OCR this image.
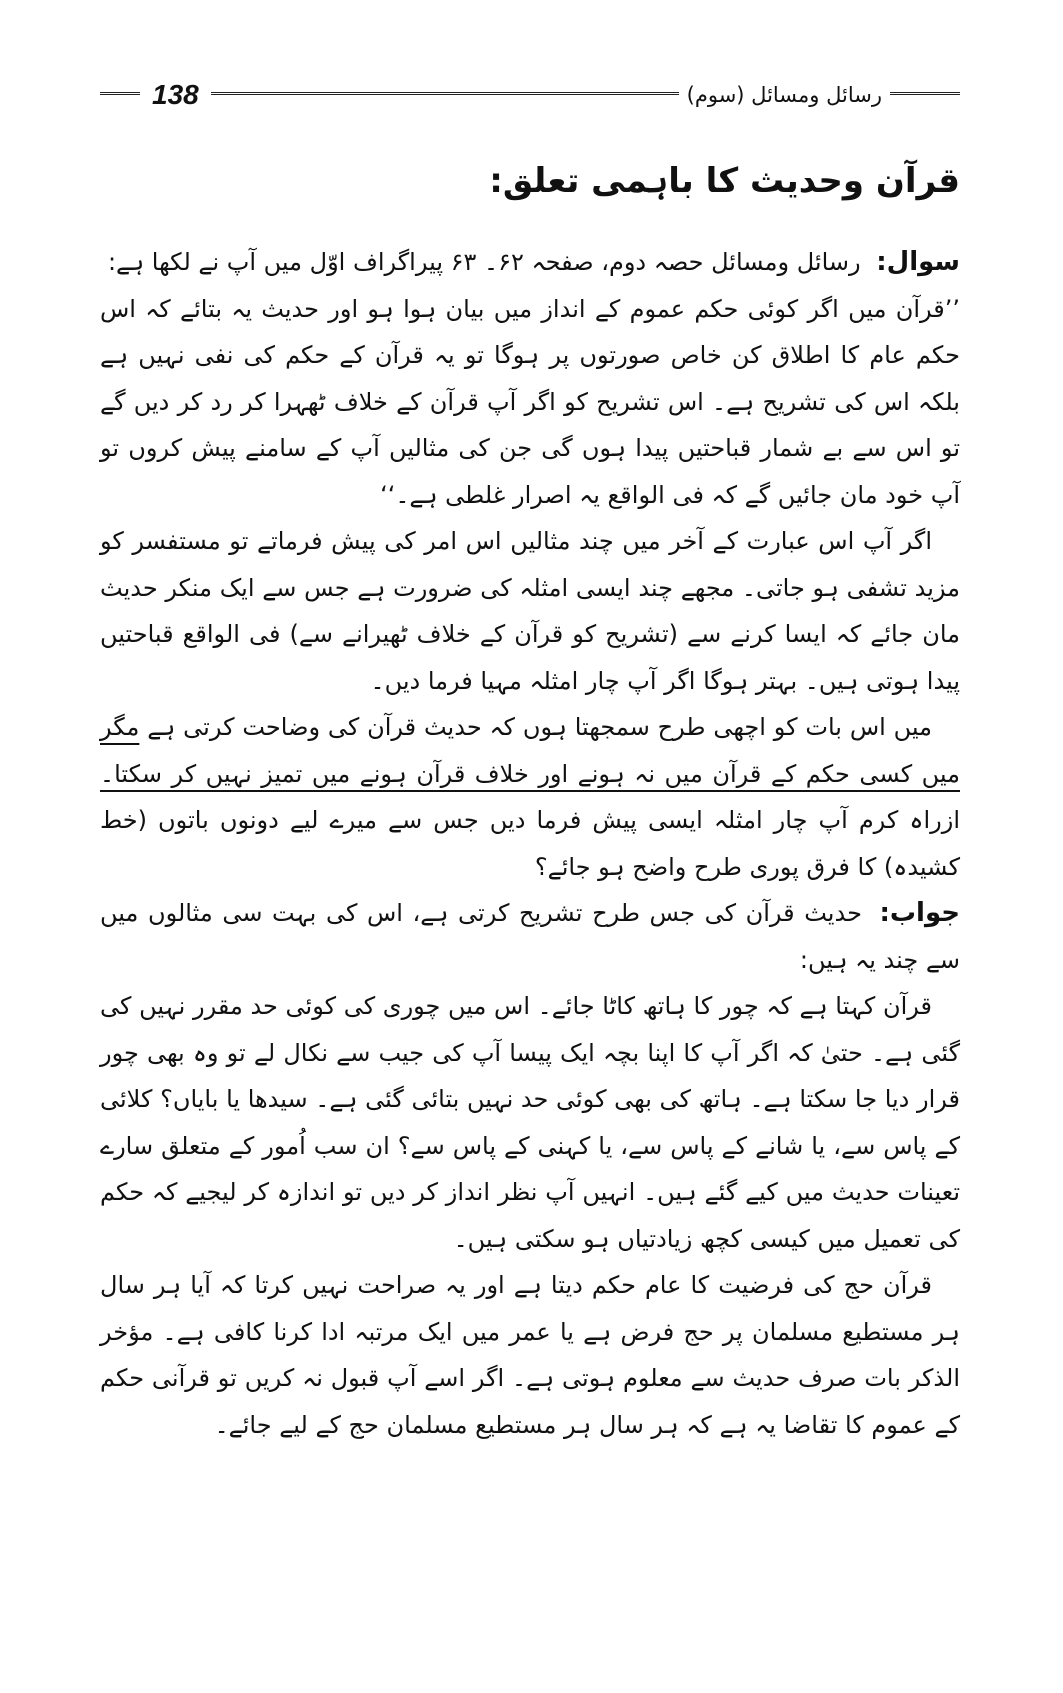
138	رسائل ومسائل (سوم)
قرآن وحدیث کا باہمی تعلق:

سوال: رسائل ومسائل حصہ دوم، صفحہ ۶۲۔ ۶۳ پیراگراف اوّل میں آپ نے لکھا ہے:

’’قرآن میں اگر کوئی حکم عموم کے انداز میں بیان ہوا ہو اور حدیث یہ بتائے کہ اس حکم عام کا اطلاق کن خاص صورتوں پر ہوگا تو یہ قرآن کے حکم کی نفی نہیں ہے بلکہ اس کی تشریح ہے۔ اس تشریح کو اگر آپ قرآن کے خلاف ٹھہرا کر رد کر دیں گے تو اس سے بے شمار قباحتیں پیدا ہوں گی جن کی مثالیں آپ کے سامنے پیش کروں تو آپ خود مان جائیں گے کہ فی الواقع یہ اصرار غلطی ہے۔‘‘

اگر آپ اس عبارت کے آخر میں چند مثالیں اس امر کی پیش فرماتے تو مستفسر کو مزید تشفی ہو جاتی۔ مجھے چند ایسی امثلہ کی ضرورت ہے جس سے ایک منکر حدیث مان جائے کہ ایسا کرنے سے (تشریح کو قرآن کے خلاف ٹھیرانے سے) فی الواقع قباحتیں پیدا ہوتی ہیں۔ بہتر ہوگا اگر آپ چار امثلہ مہیا فرما دیں۔

میں اس بات کو اچھی طرح سمجھتا ہوں کہ حدیث قرآن کی وضاحت کرتی ہے مگر میں کسی حکم کے قرآن میں نہ ہونے اور خلاف قرآن ہونے میں تمیز نہیں کر سکتا۔ ازراہ کرم آپ چار امثلہ ایسی پیش فرما دیں جس سے میرے لیے دونوں باتوں (خط کشیدہ) کا فرق پوری طرح واضح ہو جائے؟

جواب: حدیث قرآن کی جس طرح تشریح کرتی ہے، اس کی بہت سی مثالوں میں سے چند یہ ہیں:

قرآن کہتا ہے کہ چور کا ہاتھ کاٹا جائے۔ اس میں چوری کی کوئی حد مقرر نہیں کی گئی ہے۔ حتیٰ کہ اگر آپ کا اپنا بچہ ایک پیسا آپ کی جیب سے نکال لے تو وہ بھی چور قرار دیا جا سکتا ہے۔ ہاتھ کی بھی کوئی حد نہیں بتائی گئی ہے۔ سیدھا یا بایاں؟ کلائی کے پاس سے، یا شانے کے پاس سے، یا کہنی کے پاس سے؟ ان سب اُمور کے متعلق سارے تعینات حدیث میں کیے گئے ہیں۔ انہیں آپ نظر انداز کر دیں تو اندازہ کر لیجیے کہ حکم کی تعمیل میں کیسی کچھ زیادتیاں ہو سکتی ہیں۔

قرآن حج کی فرضیت کا عام حکم دیتا ہے اور یہ صراحت نہیں کرتا کہ آیا ہر سال ہر مستطیع مسلمان پر حج فرض ہے یا عمر میں ایک مرتبہ ادا کرنا کافی ہے۔ مؤخر الذکر بات صرف حدیث سے معلوم ہوتی ہے۔ اگر اسے آپ قبول نہ کریں تو قرآنی حکم کے عموم کا تقاضا یہ ہے کہ ہر سال ہر مستطیع مسلمان حج کے لیے جائے۔
